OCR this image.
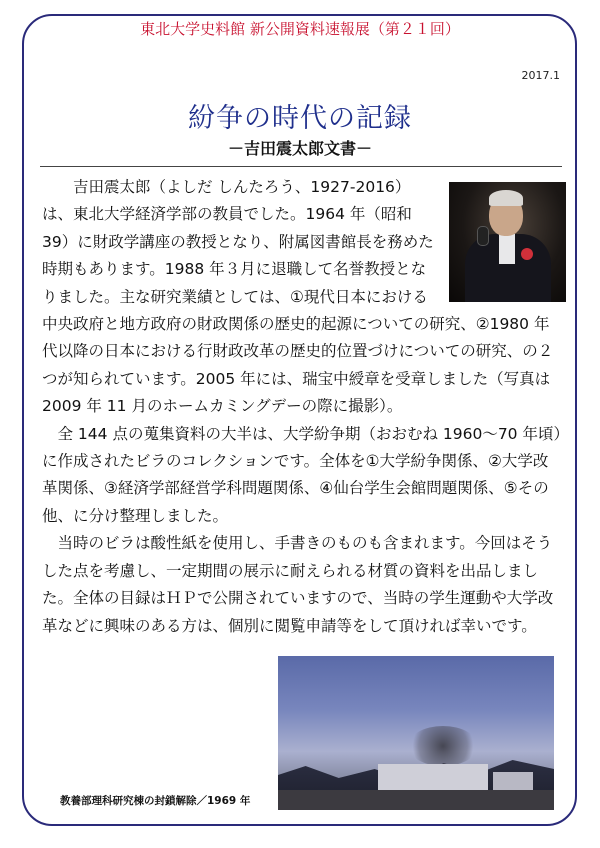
東北大学史料館 新公開資料速報展（第２１回）
2017.1
紛争の時代の記録
－吉田震太郎文書－

吉田震太郎（よしだ しんたろう、1927-2016）は、東北大学経済学部の教員でした。1964 年（昭和 39）に財政学講座の教授となり、附属図書館長を務めた時期もあります。1988 年３月に退職して名誉教授となりました。主な研究業績としては、①現代日本における中央政府と地方政府の財政関係の歴史的起源についての研究、②1980 年代以降の日本における行財政改革の歴史的位置づけについての研究、の２つが知られています。2005 年には、瑞宝中綬章を受章しました（写真は 2009 年 11 月のホームカミングデーの際に撮影）。

全 144 点の蒐集資料の大半は、大学紛争期（おおむね 1960～70 年頃）に作成されたビラのコレクションです。全体を①大学紛争関係、②大学改革関係、③経済学部経営学科問題関係、④仙台学生会館問題関係、⑤その他、に分け整理しました。

当時のビラは酸性紙を使用し、手書きのものも含まれます。今回はそうした点を考慮し、一定期間の展示に耐えられる材質の資料を出品しました。全体の目録はＨＰで公開されていますので、当時の学生運動や大学改革などに興味のある方は、個別に閲覧申請等をして頂ければ幸いです。

教養部理科研究棟の封鎖解除／1969 年
